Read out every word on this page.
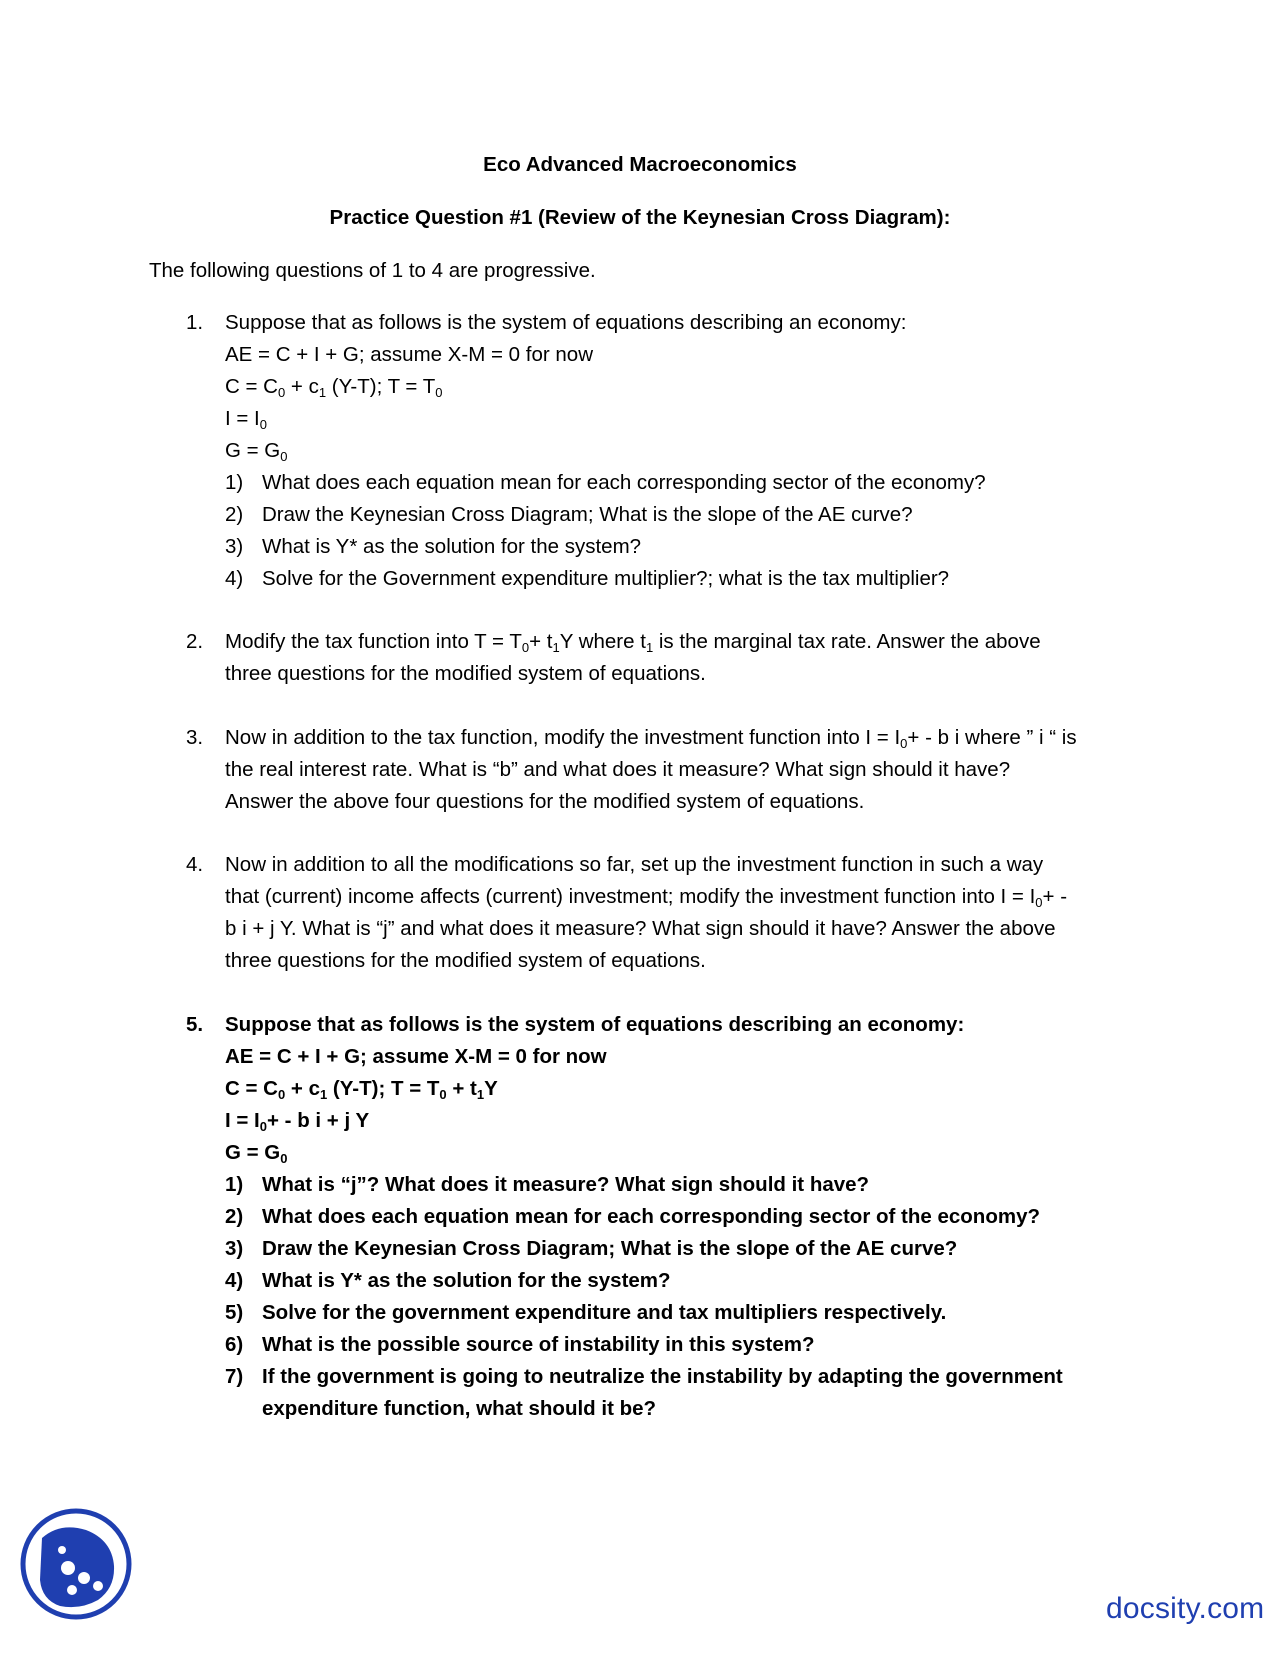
Eco Advanced Macroeconomics
Practice Question #1 (Review of the Keynesian Cross Diagram):
The following questions of 1 to 4 are progressive.
1. Suppose that as follows is the system of equations describing an economy:
AE = C + I + G; assume X-M = 0 for now
$C = C_0 + c_1$ (Y-T); $T = T_0$
$I = I_0$
$G = G_0$
1) What does each equation mean for each corresponding sector of the economy?
2) Draw the Keynesian Cross Diagram; What is the slope of the AE curve?
3) What is Y* as the solution for the system?
4) Solve for the Government expenditure multiplier?; what is the tax multiplier?
2. Modify the tax function into $T = T_0+ t_1Y$ where $t_1$ is the marginal tax rate. Answer the above
three questions for the modified system of equations.
3. Now in addition to the tax function, modify the investment function into $I = I_0+ - b$ i where ” i “ is
the real interest rate. What is “b” and what does it measure? What sign should it have?
Answer the above four questions for the modified system of equations.
4. Now in addition to all the modifications so far, set up the investment function in such a way
that (current) income affects (current) investment; modify the investment function into $I = I_0+$ -
b i + j Y. What is “j” and what does it measure? What sign should it have? Answer the above
three questions for the modified system of equations.
5. Suppose that as follows is the system of equations describing an economy:
AE = C + I + G; assume X-M = 0 for now
$C = C_0 + c_1$ (Y-T); $T = T_0 + t_1Y$
$I = I_0+ - b$ i + j Y
$G = G_0$
1) What is “j”? What does it measure? What sign should it have?
2) What does each equation mean for each corresponding sector of the economy?
3) Draw the Keynesian Cross Diagram; What is the slope of the AE curve?
4) What is Y* as the solution for the system?
5) Solve for the government expenditure and tax multipliers respectively.
6) What is the possible source of instability in this system?
7) If the government is going to neutralize the instability by adapting the government
expenditure function, what should it be?
docsity.com
